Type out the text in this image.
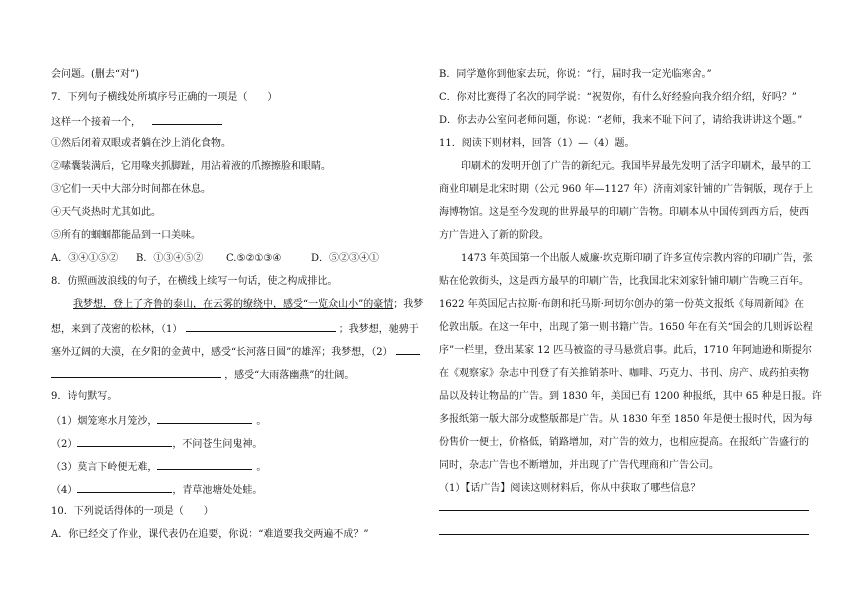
会问题。(删去“对”)
7．下列句子横线处所填序号正确的一项是（　　）
这样一个接着一个，
①然后闭着双眼或者躺在沙上消化食物。
②嗉囊装满后，它用喙夹抓脚趾，用沾着液的爪擦擦脸和眼睛。
③它们一天中大部分时间都在休息。
④天气炎热时尤其如此。
⑤所有的蝈蝈都能品到一口美味。
A．③④①⑤② B．①③④⑤② C.⑤②①③④	D．⑤②③④①
8．仿照画波浪线的句子，在横线上续写一句话，使之构成排比。
我梦想，登上了齐鲁的泰山，在云雾的缭绕中，感受“一览众山小”的豪情；我梦
想，来到了茂密的松林，（1）	；我梦想，驰骋于
塞外辽阔的大漠，在夕阳的金黄中，感受“长河落日圆”的雄浑；我梦想，（2）
，感受“大雨落幽燕”的壮阔。
9．诗句默写。
（1）烟笼寒水月笼沙，	。
（2）	，不问苍生问鬼神。
（3）莫言下岭便无难，	。
（4）	，青草池塘处处蛙。
10．下列说话得体的一项是（　　）
A．你已经交了作业，课代表仍在追要，你说：“难道要我交两遍不成？”
B．同学邀你到他家去玩，你说：“行，届时我一定光临寒舍。”
C．你对比赛得了名次的同学说：“祝贺你，有什么好经验向我介绍介绍，好吗？”
D．你去办公室问老师问题，你说：“老师，我来不耻下问了，请给我讲讲这个题。”
11．阅读下则材料，回答（1）—（4）题。
印刷术的发明开创了广告的新纪元。我国毕昇最先发明了活字印刷术，最早的工
商业印刷是北宋时期（公元 960 年—1127 年）济南刘家针铺的广告铜版，现存于上
海博物馆。这是至今发现的世界最早的印刷广告物。印刷本从中国传到西方后，使西
方广告进入了新的阶段。
1473 年英国第一个出版人威廉·坎克斯印刷了许多宣传宗教内容的印刷广告，张
贴在伦敦街头，这是西方最早的印刷广告，比我国北宋刘家针铺印刷广告晚三百年。
1622 年英国尼古拉斯·布朗和托马斯·珂切尔创办的第一份英文报纸《每周新闻》在
伦敦出版。在这一年中，出现了第一则书籍广告。1650 年在有关“国会的几则诉讼程
序”一栏里，登出某家 12 匹马被盗的寻马悬赏启事。此后，1710 年阿迪逊和斯提尔
在《观察家》杂志中刊登了有关推销茶叶、咖啡、巧克力、书刊、房产、成药拍卖物
品以及转让物品的广告。到 1830 年，美国已有 1200 种报纸，其中 65 种是日报。许
多报纸第一版大部分或整版都是广告。从 1830 年至 1850 年是便士报时代，因为每
份售价一便士，价格低，销路增加，对广告的效力，也相应提高。在报纸广告盛行的
同时，杂志广告也不断增加，并出现了广告代理商和广告公司。
（1）【话广告】阅读这则材料后，你从中获取了哪些信息？
